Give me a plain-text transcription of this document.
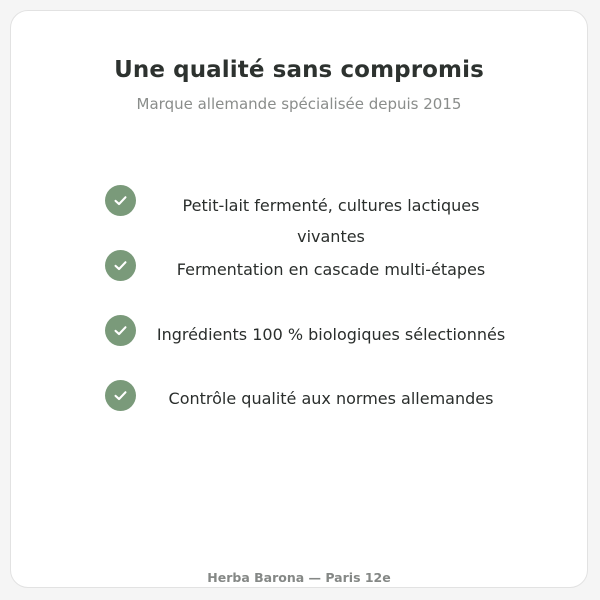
Une qualité sans compromis
Marque allemande spécialisée depuis 2015
Petit-lait fermenté, cultures lactiques vivantes
Fermentation en cascade multi-étapes
Ingrédients 100 % biologiques sélectionnés
Contrôle qualité aux normes allemandes
Herba Barona — Paris 12e
